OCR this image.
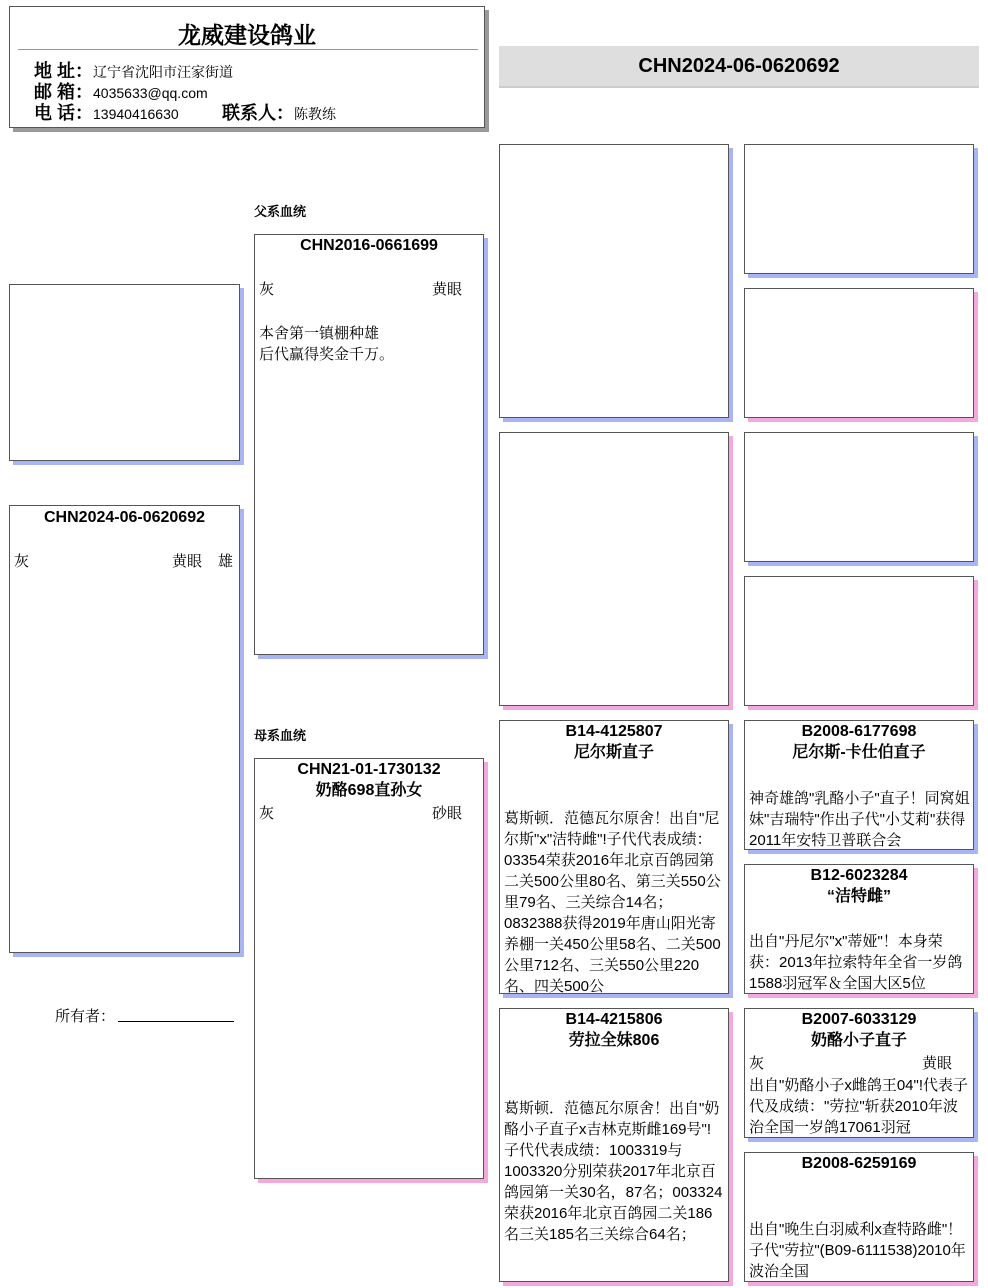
龙威建设鸽业
地 址：辽宁省沈阳市汪家街道
邮 箱：4035633@qq.com
电 话：13940416630 联系人：陈教练
CHN2024-06-0620692
CHN2024-06-0620692
灰	黄眼 雄
所有者：
父系血统
母系血统
CHN2016-0661699
灰	黄眼
本舍第一镇棚种雄
后代赢得奖金千万。
CHN21-01-1730132
奶酪698直孙女
灰	砂眼
B14-4125807
尼尔斯直子
葛斯顿．范德瓦尔原舍！出自"尼尔斯"x"洁特雌"!子代代表成绩：03354荣获2016年北京百鸽园第二关500公里80名、第三关550公里79名、三关综合14名；0832388获得2019年唐山阳光寄养棚一关450公里58名、二关500公里712名、三关550公里220名、四关500公
B14-4215806
劳拉全妹806
葛斯顿．范德瓦尔原舍！出自"奶酪小子直子x吉林克斯雌169号"!
子代代表成绩：1003319与1003320分别荣获2017年北京百鸽园第一关30名，87名；003324荣获2016年北京百鸽园二关186名三关185名三关综合64名；
B2008-6177698
尼尔斯-卡仕伯直子
神奇雄鸽"乳酪小子"直子！同窝姐妹"吉瑞特"作出子代"小艾莉"获得2011年安特卫普联合会
B12-6023284
“洁特雌”
出自"丹尼尔"x"蒂娅"！本身荣获：2013年拉索特年全省一岁鸽1588羽冠军＆全国大区5位
B2007-6033129
奶酪小子直子
灰	黄眼
出自"奶酪小子x雌鸽王04"!代表子代及成绩："劳拉"斩获2010年波治全国一岁鸽17061羽冠
B2008-6259169
出自"晚生白羽威利x查特路雌"！子代"劳拉"(B09-6111538)2010年波治全国
